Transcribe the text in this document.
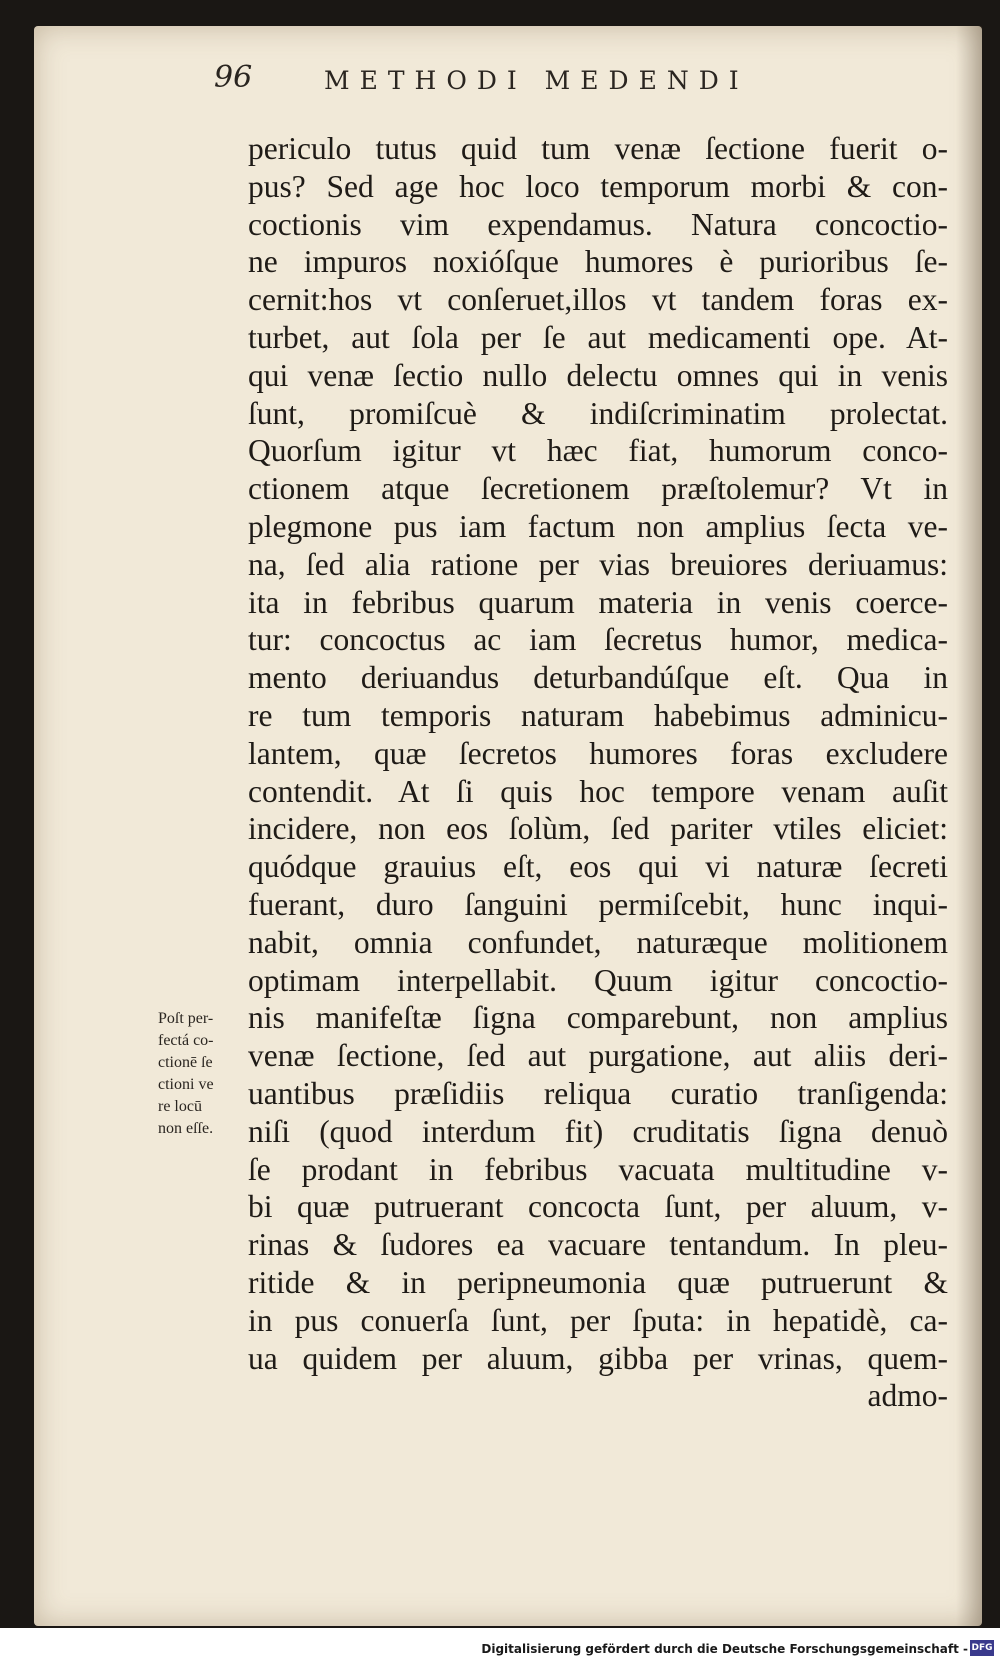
96	METHODI MEDENDI
periculo tutus quid tum venæ ſectione fuerit o-
pus? Sed age hoc loco temporum morbi & con-
coctionis vim expendamus. Natura concoctio-
ne impuros noxióſque humores è purioribus ſe-
cernit:hos vt conſeruet,illos vt tandem foras ex-
turbet, aut ſola per ſe aut medicamenti ope. At-
qui venæ ſectio nullo delectu omnes qui in venis
ſunt, promiſcuè & indiſcriminatim prolectat.
Quorſum igitur vt hæc fiat, humorum conco-
ctionem atque ſecretionem præſtolemur? Vt in
plegmone pus iam factum non amplius ſecta ve-
na, ſed alia ratione per vias breuiores deriuamus:
ita in febribus quarum materia in venis coerce-
tur: concoctus ac iam ſecretus humor, medica-
mento deriuandus deturbandúſque eſt. Qua in
re tum temporis naturam habebimus adminicu-
lantem, quæ ſecretos humores foras excludere
contendit. At ſi quis hoc tempore venam auſit
incidere, non eos ſolùm, ſed pariter vtiles eliciet:
quódque grauius eſt, eos qui vi naturæ ſecreti
fuerant, duro ſanguini permiſcebit, hunc inqui-
nabit, omnia confundet, naturæque molitionem
optimam interpellabit. Quum igitur concoctio-
nis manifeſtæ ſigna comparebunt, non amplius
venæ ſectione, ſed aut purgatione, aut aliis deri-
uantibus præſidiis reliqua curatio tranſigenda:
niſi (quod interdum fit) cruditatis ſigna denuò
ſe prodant in febribus vacuata multitudine v-
bi quæ putruerant concocta ſunt, per aluum, v-
rinas & ſudores ea vacuare tentandum. In pleu-
ritide & in peripneumonia quæ putruerunt &
in pus conuerſa ſunt, per ſputa: in hepatidè, ca-
ua quidem per aluum, gibba per vrinas, quem-
admo-
Poſt per-
fectá co-
ctionē ſe
ctioni ve
re locū
non eſſe.
Digitalisierung gefördert durch die Deutsche Forschungsgemeinschaft - DFG
